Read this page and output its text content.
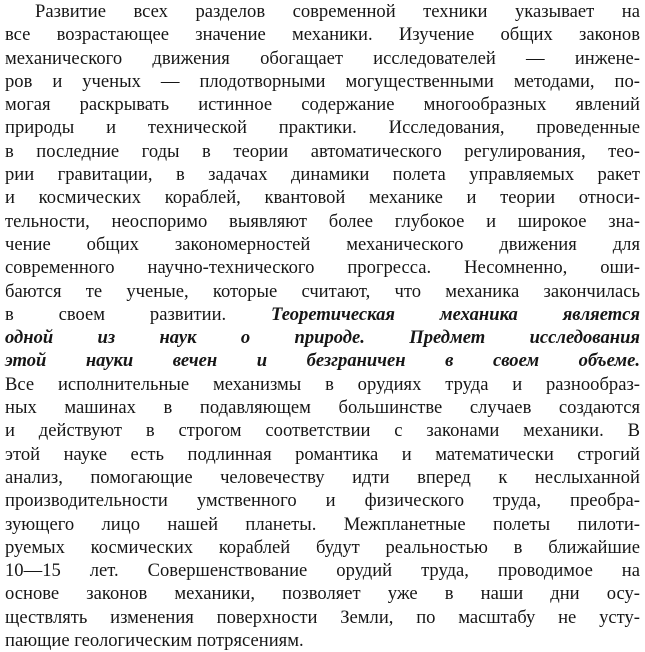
Развитие всех разделов современной техники указывает на
все возрастающее значение механики. Изучение общих законов
механического движения обогащает исследователей — инжене-
ров и ученых — плодотворными могущественными методами, по-
могая раскрывать истинное содержание многообразных явлений
природы и технической практики. Исследования, проведенные
в последние годы в теории автоматического регулирования, тео-
рии гравитации, в задачах динамики полета управляемых ракет
и космических кораблей, квантовой механике и теории относи-
тельности, неоспоримо выявляют более глубокое и широкое зна-
чение общих закономерностей механического движения для
современного научно-технического прогресса. Несомненно, оши-
баются те ученые, которые считают, что механика закончилась
в своем развитии. Теоретическая механика является
одной из наук о природе. Предмет исследования
этой науки вечен и безграничен в своем объеме.
Все исполнительные механизмы в орудиях труда и разнообраз-
ных машинах в подавляющем большинстве случаев создаются
и действуют в строгом соответствии с законами механики. В
этой науке есть подлинная романтика и математически строгий
анализ, помогающие человечеству идти вперед к неслыханной
производительности умственного и физического труда, преобра-
зующего лицо нашей планеты. Межпланетные полеты пилоти-
руемых космических кораблей будут реальностью в ближайшие
10—15 лет. Совершенствование орудий труда, проводимое на
основе законов механики, позволяет уже в наши дни осу-
ществлять изменения поверхности Земли, по масштабу не усту-
пающие геологическим потрясениям.
